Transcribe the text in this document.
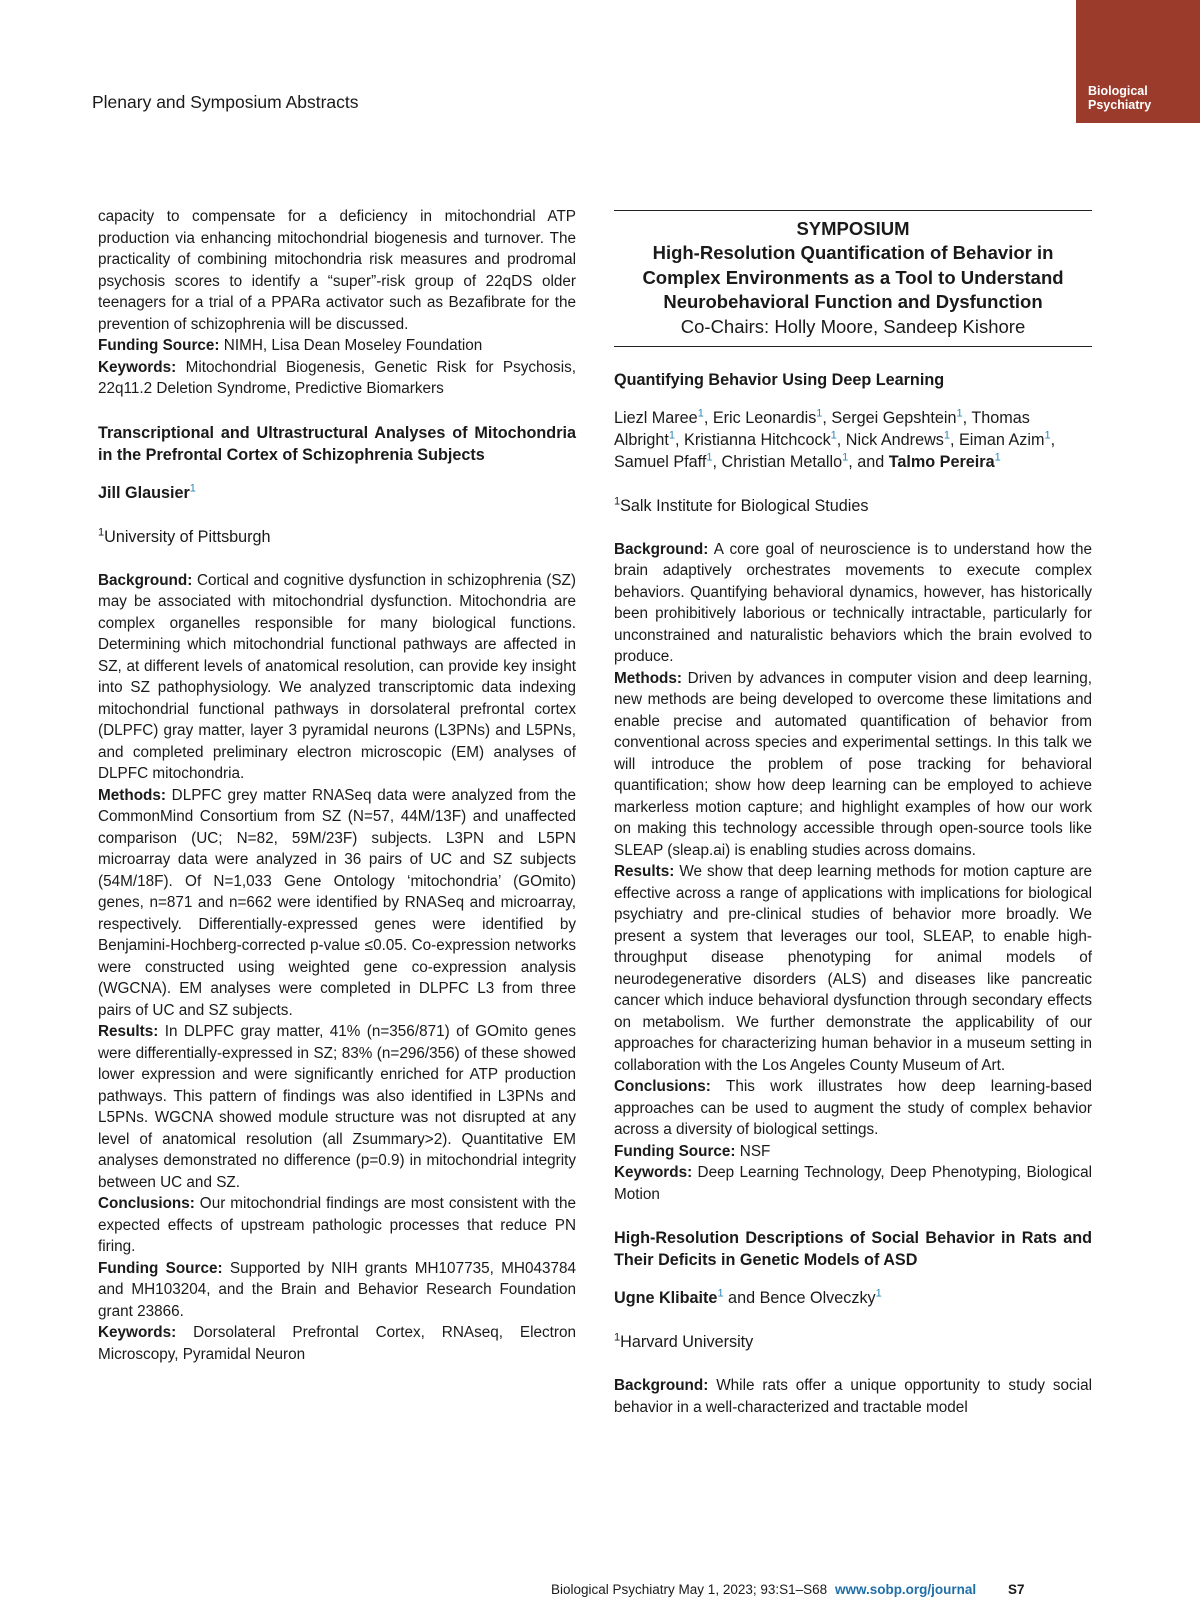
Biological
Psychiatry
Plenary and Symposium Abstracts

capacity to compensate for a deficiency in mitochondrial ATP production via enhancing mitochondrial biogenesis and turnover. The practicality of combining mitochondria risk measures and prodromal psychosis scores to identify a “super”-risk group of 22qDS older teenagers for a trial of a PPARa activator such as Bezafibrate for the prevention of schizophrenia will be discussed.

Funding Source: NIMH, Lisa Dean Moseley Foundation

Keywords: Mitochondrial Biogenesis, Genetic Risk for Psychosis, 22q11.2 Deletion Syndrome, Predictive Biomarkers

Transcriptional and Ultrastructural Analyses of Mitochondria in the Prefrontal Cortex of Schizophrenia Subjects
Jill Glausier$^1$
$^1$University of Pittsburgh

Background: Cortical and cognitive dysfunction in schizophrenia (SZ) may be associated with mitochondrial dysfunction. Mitochondria are complex organelles responsible for many biological functions. Determining which mitochondrial functional pathways are affected in SZ, at different levels of anatomical resolution, can provide key insight into SZ pathophysiology. We analyzed transcriptomic data indexing mitochondrial functional pathways in dorsolateral prefrontal cortex (DLPFC) gray matter, layer 3 pyramidal neurons (L3PNs) and L5PNs, and completed preliminary electron microscopic (EM) analyses of DLPFC mitochondria.

Methods: DLPFC grey matter RNASeq data were analyzed from the CommonMind Consortium from SZ (N=57, 44M/13F) and unaffected comparison (UC; N=82, 59M/23F) subjects. L3PN and L5PN microarray data were analyzed in 36 pairs of UC and SZ subjects (54M/18F). Of N=1,033 Gene Ontology ‘mitochondria’ (GOmito) genes, n=871 and n=662 were identified by RNASeq and microarray, respectively. Differentially-expressed genes were identified by Benjamini-Hochberg-corrected p-value ≤0.05. Co-expression networks were constructed using weighted gene co-expression analysis (WGCNA). EM analyses were completed in DLPFC L3 from three pairs of UC and SZ subjects.

Results: In DLPFC gray matter, 41% (n=356/871) of GOmito genes were differentially-expressed in SZ; 83% (n=296/356) of these showed lower expression and were significantly enriched for ATP production pathways. This pattern of findings was also identified in L3PNs and L5PNs. WGCNA showed module structure was not disrupted at any level of anatomical resolution (all Zsummary>2). Quantitative EM analyses demonstrated no difference (p=0.9) in mitochondrial integrity between UC and SZ.

Conclusions: Our mitochondrial findings are most consistent with the expected effects of upstream pathologic processes that reduce PN firing.

Funding Source: Supported by NIH grants MH107735, MH043784 and MH103204, and the Brain and Behavior Research Foundation grant 23866.

Keywords: Dorsolateral Prefrontal Cortex, RNAseq, Electron Microscopy, Pyramidal Neuron

SYMPOSIUM
High-Resolution Quantification of Behavior in Complex Environments as a Tool to Understand Neurobehavioral Function and Dysfunction
Co-Chairs: Holly Moore, Sandeep Kishore
Quantifying Behavior Using Deep Learning
Liezl Maree$^1$, Eric Leonardis$^1$, Sergei Gepshtein$^1$, Thomas Albright$^1$, Kristianna Hitchcock$^1$, Nick Andrews$^1$, Eiman Azim$^1$, Samuel Pfaff$^1$, Christian Metallo$^1$, and Talmo Pereira$^1$
$^1$Salk Institute for Biological Studies

Background: A core goal of neuroscience is to understand how the brain adaptively orchestrates movements to execute complex behaviors. Quantifying behavioral dynamics, however, has historically been prohibitively laborious or technically intractable, particularly for unconstrained and naturalistic behaviors which the brain evolved to produce.

Methods: Driven by advances in computer vision and deep learning, new methods are being developed to overcome these limitations and enable precise and automated quantification of behavior from conventional across species and experimental settings. In this talk we will introduce the problem of pose tracking for behavioral quantification; show how deep learning can be employed to achieve markerless motion capture; and highlight examples of how our work on making this technology accessible through open-source tools like SLEAP (sleap.ai) is enabling studies across domains.

Results: We show that deep learning methods for motion capture are effective across a range of applications with implications for biological psychiatry and pre-clinical studies of behavior more broadly. We present a system that leverages our tool, SLEAP, to enable high-throughput disease phenotyping for animal models of neurodegenerative disorders (ALS) and diseases like pancreatic cancer which induce behavioral dysfunction through secondary effects on metabolism. We further demonstrate the applicability of our approaches for characterizing human behavior in a museum setting in collaboration with the Los Angeles County Museum of Art.

Conclusions: This work illustrates how deep learning-based approaches can be used to augment the study of complex behavior across a diversity of biological settings.

Funding Source: NSF

Keywords: Deep Learning Technology, Deep Phenotyping, Biological Motion

High-Resolution Descriptions of Social Behavior in Rats and Their Deficits in Genetic Models of ASD
Ugne Klibaite$^1$ and Bence Olveczky$^1$
$^1$Harvard University

Background: While rats offer a unique opportunity to study social behavior in a well-characterized and tractable model

Biological Psychiatry May 1, 2023; 93:S1–S68 www.sobp.org/journal S7
